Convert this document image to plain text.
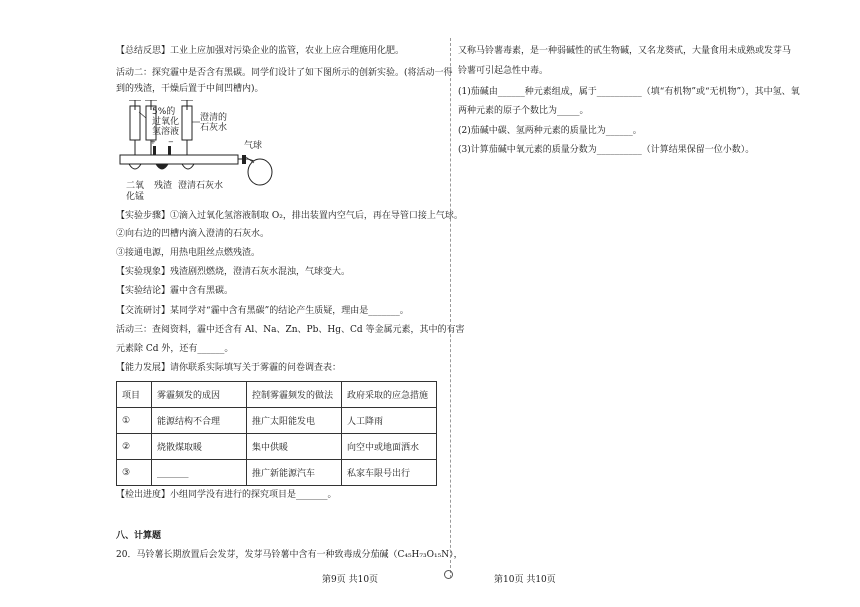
【总结反思】工业上应加强对污染企业的监管，农业上应合理施用化肥。
活动二：探究霾中是否含有黑碳。同学们设计了如下图所示的创新实验。(将活动一得
到的残渣，干燥后置于中间凹槽内)。
+ −
5%的
过氧化
氢溶液
澄清的
石灰水
气球
二氧
化锰
残渣 澄清石灰水
【实验步骤】①滴入过氧化氢溶液制取 O₂，排出装置内空气后，再在导管口接上气球。
②向右边的凹槽内滴入澄清的石灰水。
③接通电源，用热电阻丝点燃残渣。
【实验现象】残渣剧烈燃烧，澄清石灰水混浊，气球变大。
【实验结论】霾中含有黑碳。
【交流研讨】某同学对“霾中含有黑碳”的结论产生质疑，理由是_______。
活动三：查阅资料，霾中还含有 Al、Na、Zn、Pb、Hg、Cd 等金属元素，其中的有害
元素除 Cd 外，还有______。
【能力发展】请你联系实际填写关于雾霾的问卷调查表：
项目	雾霾频发的成因	控制雾霾频发的做法	政府采取的应急措施
①	能源结构不合理	推广太阳能发电	人工降雨
②	烧散煤取暖	集中供暖	向空中或地面洒水
③	_______	推广新能源汽车	私家车限号出行
【检出进度】小组同学没有进行的探究项目是_______。
八、计算题
20．马铃薯长期放置后会发芽，发芽马铃薯中含有一种致毒成分茄碱（C₄₅H₇₃O₁₅N），
又称马铃薯毒素，是一种弱碱性的甙生物碱，又名龙葵甙，大量食用未成熟或发芽马
铃薯可引起急性中毒。
(1)茄碱由______种元素组成，属于__________（填“有机物”或“无机物”），其中氢、氧
两种元素的原子个数比为_____。
(2)茄碱中碳、氢两种元素的质量比为______。
(3)计算茄碱中氧元素的质量分数为__________（计算结果保留一位小数）。
第9页 共10页	第10页 共10页
